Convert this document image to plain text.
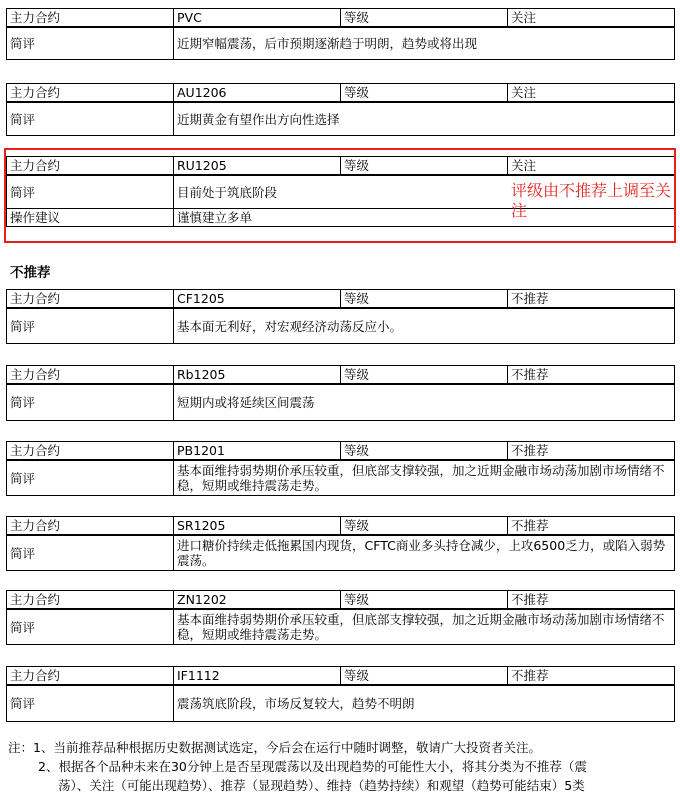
主力合约	PVC	等级	关注
简评	近期窄幅震荡，后市预期逐渐趋于明朗，趋势或将出现		
主力合约	AU1206	等级	关注
简评	近期黄金有望作出方向性选择		
主力合约	RU1205	等级	关注
简评	目前处于筑底阶段		
操作建议	谨慎建立多单		
评级由不推荐上调至关注
不推荐
主力合约	CF1205	等级	不推荐
简评	基本面无利好，对宏观经济动荡反应小。		
主力合约	Rb1205	等级	不推荐
简评	短期内或将延续区间震荡		
主力合约	PB1201	等级	不推荐
简评	基本面维持弱势期价承压较重，但底部支撑较强，加之近期金融市场动荡加剧市场情绪不稳，短期或维持震荡走势。		
主力合约	SR1205	等级	不推荐
简评	进口糖价持续走低拖累国内现货，CFTC商业多头持仓减少，上攻6500乏力，或陷入弱势震荡。		
主力合约	ZN1202	等级	不推荐
简评	基本面维持弱势期价承压较重，但底部支撑较强，加之近期金融市场动荡加剧市场情绪不稳，短期或维持震荡走势。		
主力合约	IF1112	等级	不推荐
简评	震荡筑底阶段，市场反复较大，趋势不明朗		
注：1、当前推荐品种根据历史数据测试选定，今后会在运行中随时调整，敬请广大投资者关注。
2、根据各个品种未来在30分钟上是否呈现震荡以及出现趋势的可能性大小，将其分类为不推荐（震
荡）、关注（可能出现趋势）、推荐（显现趋势）、维持（趋势持续）和观望（趋势可能结束）5类
